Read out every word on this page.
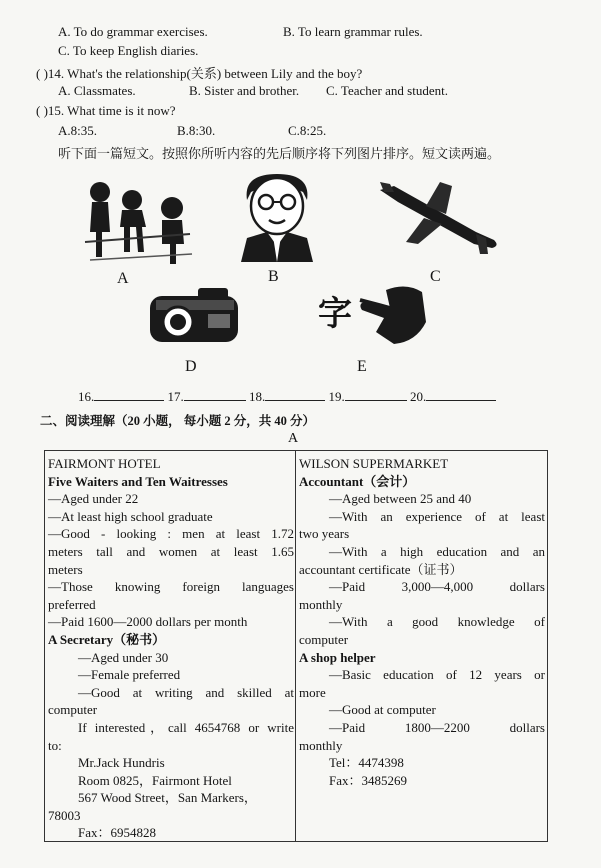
A. To do grammar exercises.	B. To learn grammar rules.
C. To keep English diaries.
( )14. What's the relationship(关系) between Lily and the boy?
A. Classmates.	B. Sister and brother. C. Teacher and student.
( )15. What time is it now?
A.8:35.	B.8:30.	C.8:25.
听下面一篇短文。按照你所听内容的先后顺序将下列图片排序。短文读两遍。
A	B	C
D
字
E
16.	17.	18.	19.	20.
二、阅读理解（20 小题， 每小题 2 分，共 40 分）
A
FAIRMONT HOTEL
Five Waiters and Ten Waitresses
—Aged under 22
—At least high school graduate
—Good - looking : men at least 1.72
meters tall and women at least 1.65
meters
—Those knowing foreign languages
preferred
—Paid 1600—2000 dollars per month
A Secretary（秘书）
—Aged under 30
—Female preferred
—Good at writing and skilled at
computer
If interested，call 4654768 or write
to:
Mr.Jack Hundris
Room 0825，Fairmont Hotel
567 Wood Street，San Markers，
78003
Fax：6954828
WILSON SUPERMARKET
Accountant（会计）
—Aged between 25 and 40
—With an experience of at least
two years
—With a high education and an
accountant certificate（证书）
—Paid 3,000—4,000 dollars
monthly
—With a good knowledge of
computer
A shop helper
—Basic education of 12 years or
more
—Good at computer
—Paid 1800—2200 dollars
monthly
Tel：4474398
Fax：3485269
